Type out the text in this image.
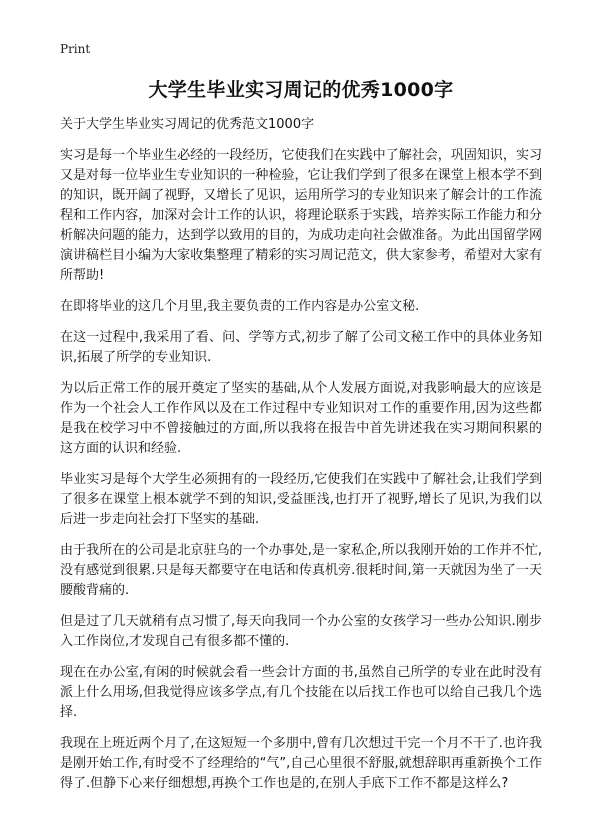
Print
大学生毕业实习周记的优秀1000字
关于大学生毕业实习周记的优秀范文1000字

实习是每一个毕业生必经的一段经历，它使我们在实践中了解社会，巩固知识，实习又是对每一位毕业生专业知识的一种检验，它让我们学到了很多在课堂上根本学不到的知识，既开阔了视野，又增长了见识，运用所学习的专业知识来了解会计的工作流程和工作内容，加深对会计工作的认识，将理论联系于实践，培养实际工作能力和分析解决问题的能力，达到学以致用的目的，为成功走向社会做准备。为此出国留学网演讲稿栏目小编为大家收集整理了精彩的实习周记范文，供大家参考，希望对大家有所帮助!

在即将毕业的这几个月里,我主要负责的工作内容是办公室文秘.

在这一过程中,我采用了看、问、学等方式,初步了解了公司文秘工作中的具体业务知识,拓展了所学的专业知识.

为以后正常工作的展开奠定了坚实的基础,从个人发展方面说,对我影响最大的应该是作为一个社会人工作作风以及在工作过程中专业知识对工作的重要作用,因为这些都是我在校学习中不曾接触过的方面,所以我将在报告中首先讲述我在实习期间积累的这方面的认识和经验.

毕业实习是每个大学生必须拥有的一段经历,它使我们在实践中了解社会,让我们学到了很多在课堂上根本就学不到的知识,受益匪浅,也打开了视野,增长了见识,为我们以后进一步走向社会打下坚实的基础.

由于我所在的公司是北京驻乌的一个办事处,是一家私企,所以我刚开始的工作并不忙,没有感觉到很累.只是每天都要守在电话和传真机旁.很耗时间,第一天就因为坐了一天腰酸背痛的.

但是过了几天就稍有点习惯了,每天向我同一个办公室的女孩学习一些办公知识.刚步入工作岗位,才发现自己有很多都不懂的.

现在在办公室,有闲的时候就会看一些会计方面的书,虽然自己所学的专业在此时没有派上什么用场,但我觉得应该多学点,有几个技能在以后找工作也可以给自己我几个选择.

我现在上班近两个月了,在这短短一个多朋中,曾有几次想过干完一个月不干了.也许我是刚开始工作,有时受不了经理给的“气”,自己心里很不舒服,就想辞职再重新换个工作得了.但静下心来仔细想想,再换个工作也是的,在别人手底下工作不都是这样么?
